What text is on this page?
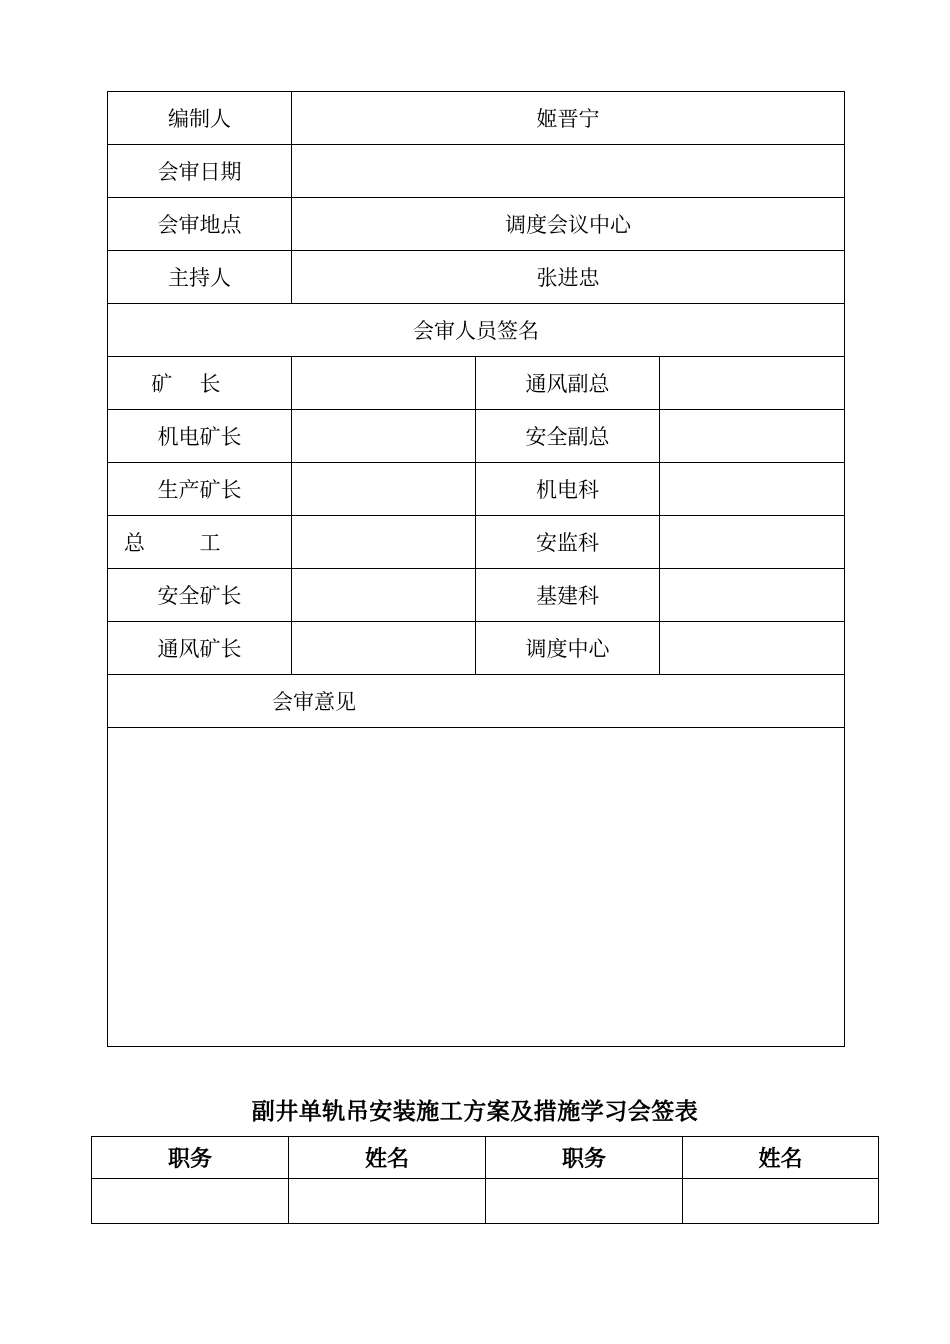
编制人	姬晋宁		
会审日期			
会审地点	调度会议中心		
主持人	张进忠		
会审人员签名			
矿长		通风副总	
机电矿长		安全副总	
生产矿长		机电科	
总工		安监科	
安全矿长		基建科	
通风矿长		调度中心	
会审意见			

副井单轨吊安装施工方案及措施学习会签表
职务	姓名	职务	姓名
